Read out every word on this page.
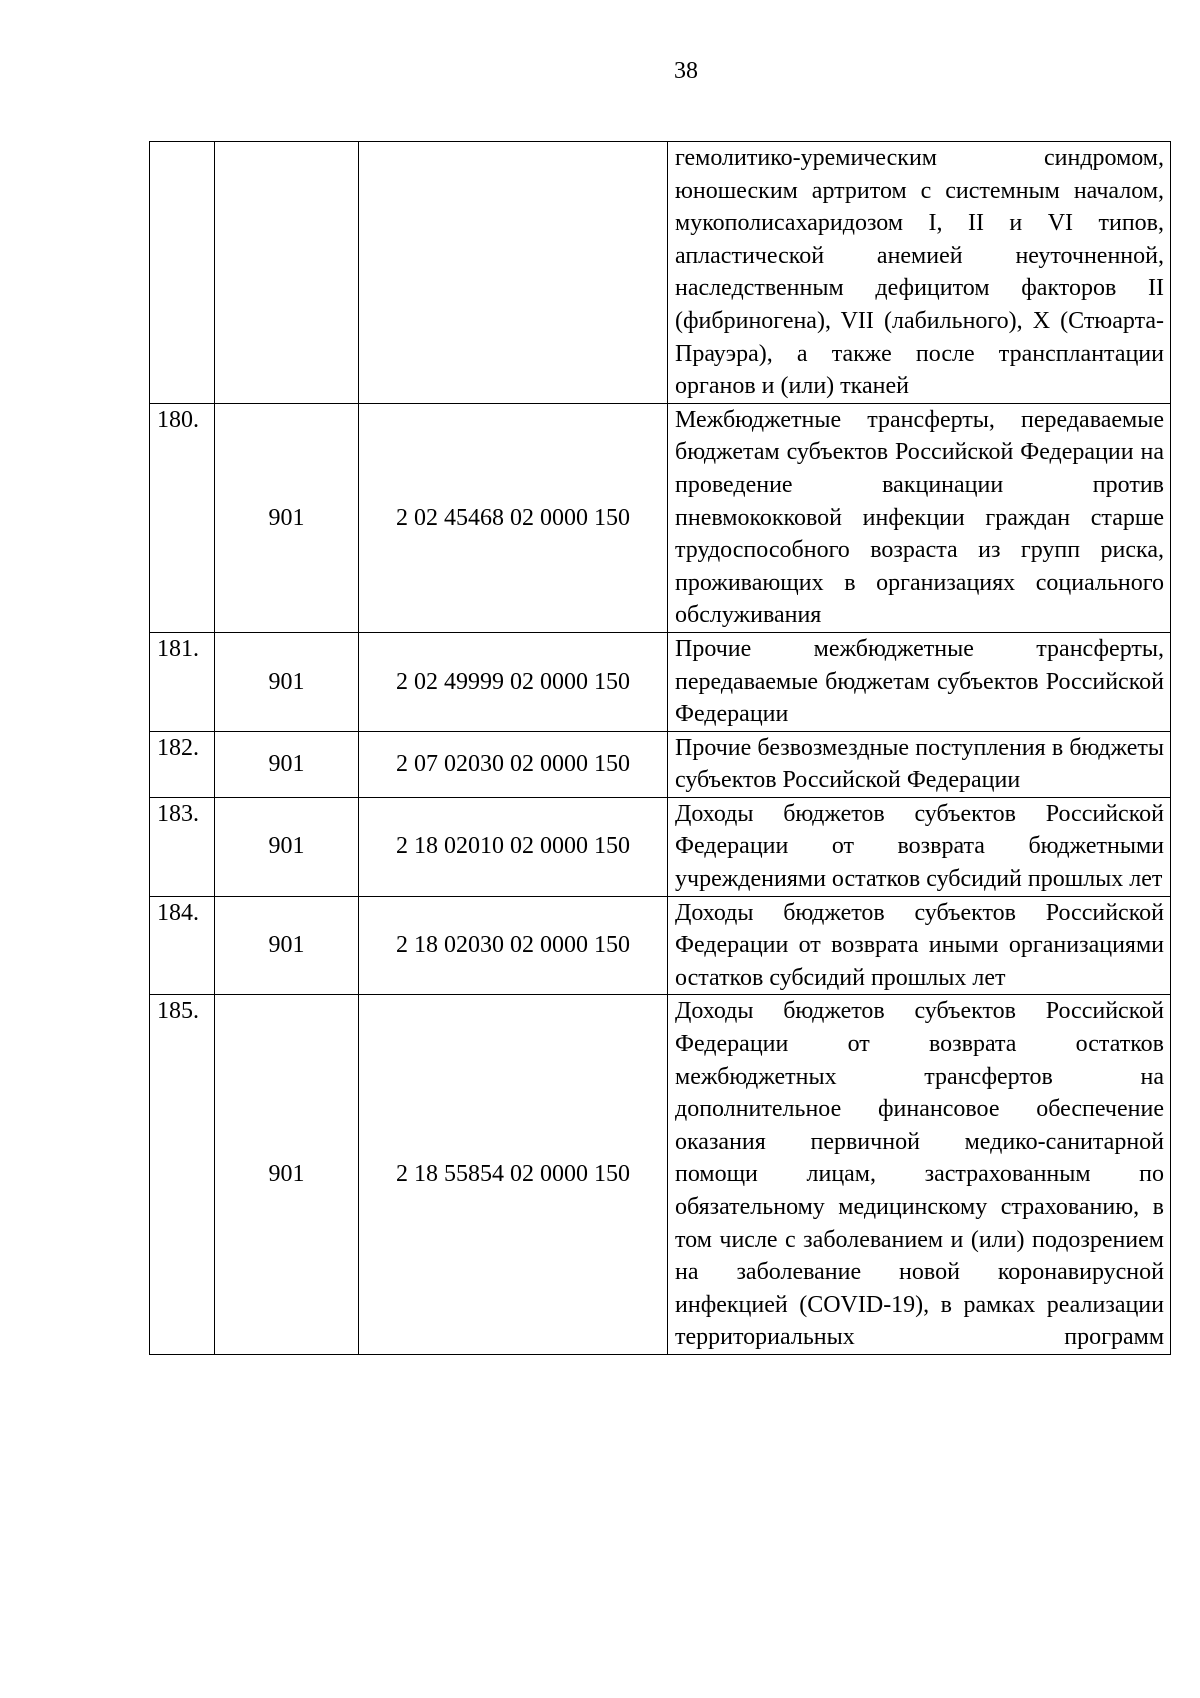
38
			гемолитико-уремическим синдромом, юношеским артритом с системным началом, мукополисахаридозом I, II и VI типов, апластической анемией неуточненной, наследственным дефицитом факторов II (фибриногена), VII (лабильного), X (Стюарта-Прауэра), а также после трансплантации органов и (или) тканей
180.	901	2 02 45468 02 0000 150	Межбюджетные трансферты, передаваемые бюджетам субъектов Российской Федерации на проведение вакцинации против пневмококковой инфекции граждан старше трудоспособного возраста из групп риска, проживающих в организациях социального обслуживания
181.	901	2 02 49999 02 0000 150	Прочие межбюджетные трансферты, передаваемые бюджетам субъектов Российской Федерации
182.	901	2 07 02030 02 0000 150	Прочие безвозмездные поступления в бюджеты субъектов Российской Федерации
183.	901	2 18 02010 02 0000 150	Доходы бюджетов субъектов Российской Федерации от возврата бюджетными учреждениями остатков субсидий прошлых лет
184.	901	2 18 02030 02 0000 150	Доходы бюджетов субъектов Российской Федерации от возврата иными организациями остатков субсидий прошлых лет
185.	901	2 18 55854 02 0000 150	Доходы бюджетов субъектов Российской Федерации от возврата остатков межбюджетных трансфертов на дополнительное финансовое обеспечение оказания первичной медико-санитарной помощи лицам, застрахованным по обязательному медицинскому страхованию, в том числе с заболеванием и (или) подозрением на заболевание новой коронавирусной инфекцией (COVID-19), в рамках реализации территориальных программ
